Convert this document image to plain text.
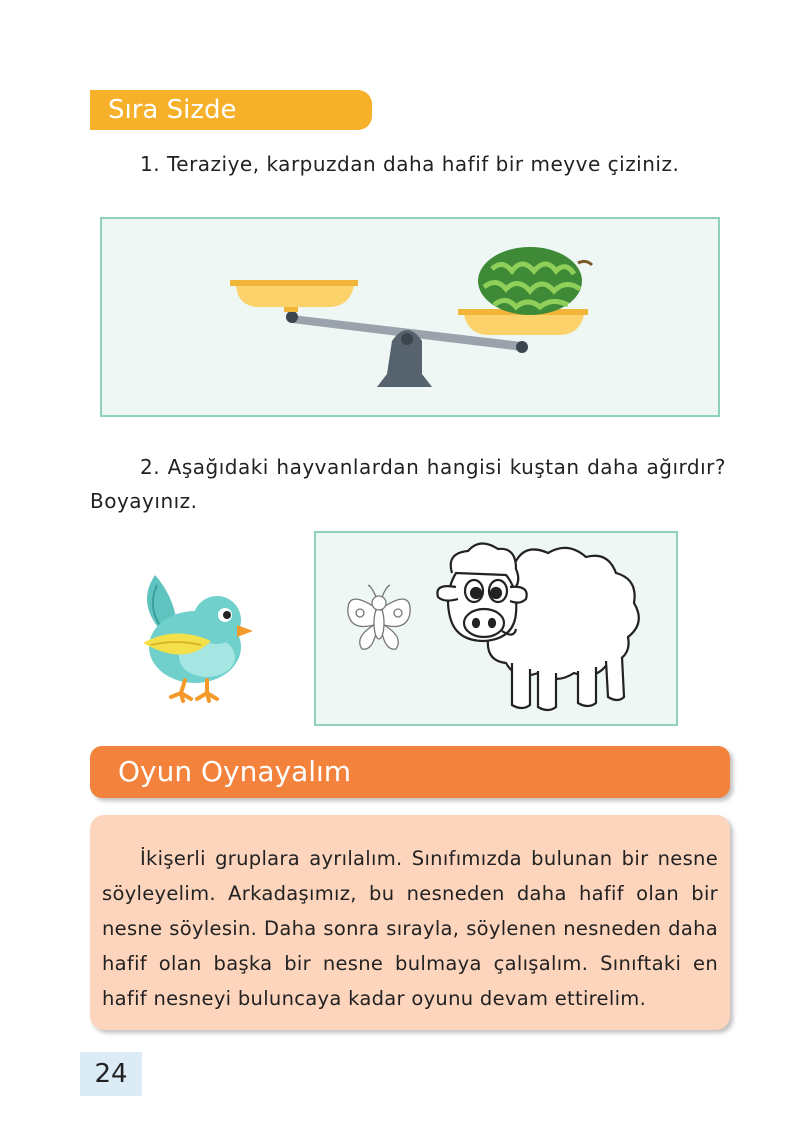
Sıra Sizde
1. Teraziye, karpuzdan daha hafif bir meyve çiziniz.
2. Aşağıdaki hayvanlardan hangisi kuştan daha ağırdır? Boyayınız.
Oyun Oynayalım
İkişerli gruplara ayrılalım. Sınıfımızda bulunan bir nesne söyleyelim. Arkadaşımız, bu nesneden daha hafif olan bir nesne söylesin. Daha sonra sırayla, söylenen nesneden daha hafif olan başka bir nesne bulmaya çalışalım. Sınıftaki en hafif nesneyi buluncaya kadar oyunu devam ettirelim.
24
